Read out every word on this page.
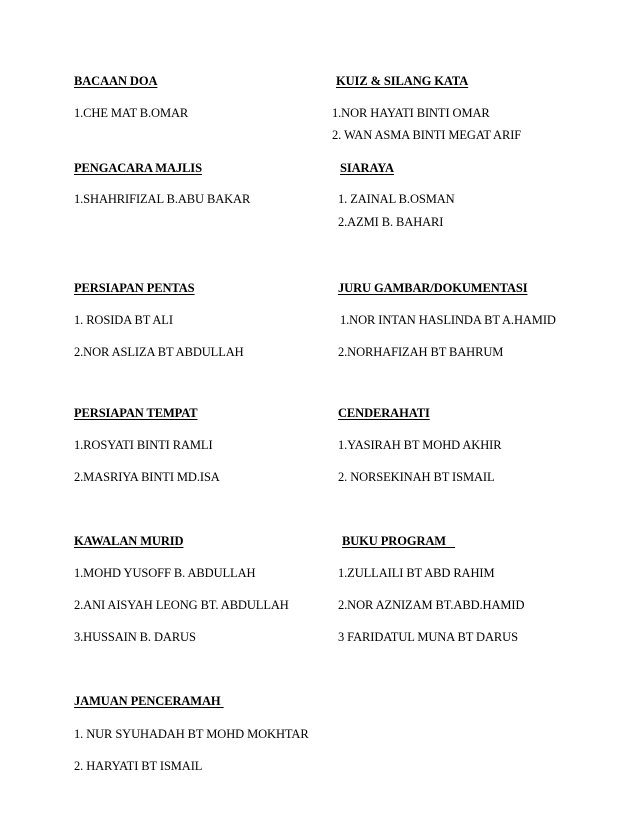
BACAAN DOA
1.CHE MAT B.OMAR
KUIZ & SILANG KATA
1.NOR HAYATI BINTI OMAR
2. WAN ASMA BINTI MEGAT ARIF
PENGACARA MAJLIS
1.SHAHRIFIZAL B.ABU BAKAR
SIARAYA
1. ZAINAL B.OSMAN
2.AZMI B. BAHARI
PERSIAPAN PENTAS
1. ROSIDA BT ALI
2.NOR ASLIZA BT ABDULLAH
JURU GAMBAR/DOKUMENTASI
1.NOR INTAN HASLINDA BT A.HAMID
2.NORHAFIZAH BT BAHRUM
PERSIAPAN TEMPAT
1.ROSYATI BINTI RAMLI
2.MASRIYA BINTI MD.ISA
CENDERAHATI
1.YASIRAH BT MOHD AKHIR
2. NORSEKINAH BT ISMAIL
KAWALAN MURID
1.MOHD YUSOFF B. ABDULLAH
2.ANI AISYAH LEONG BT. ABDULLAH
3.HUSSAIN B. DARUS
BUKU PROGRAM
1.ZULLAILI BT ABD RAHIM
2.NOR AZNIZAM BT.ABD.HAMID
3 FARIDATUL MUNA BT DARUS
JAMUAN PENCERAMAH
1. NUR SYUHADAH BT MOHD MOKHTAR
2. HARYATI BT ISMAIL
